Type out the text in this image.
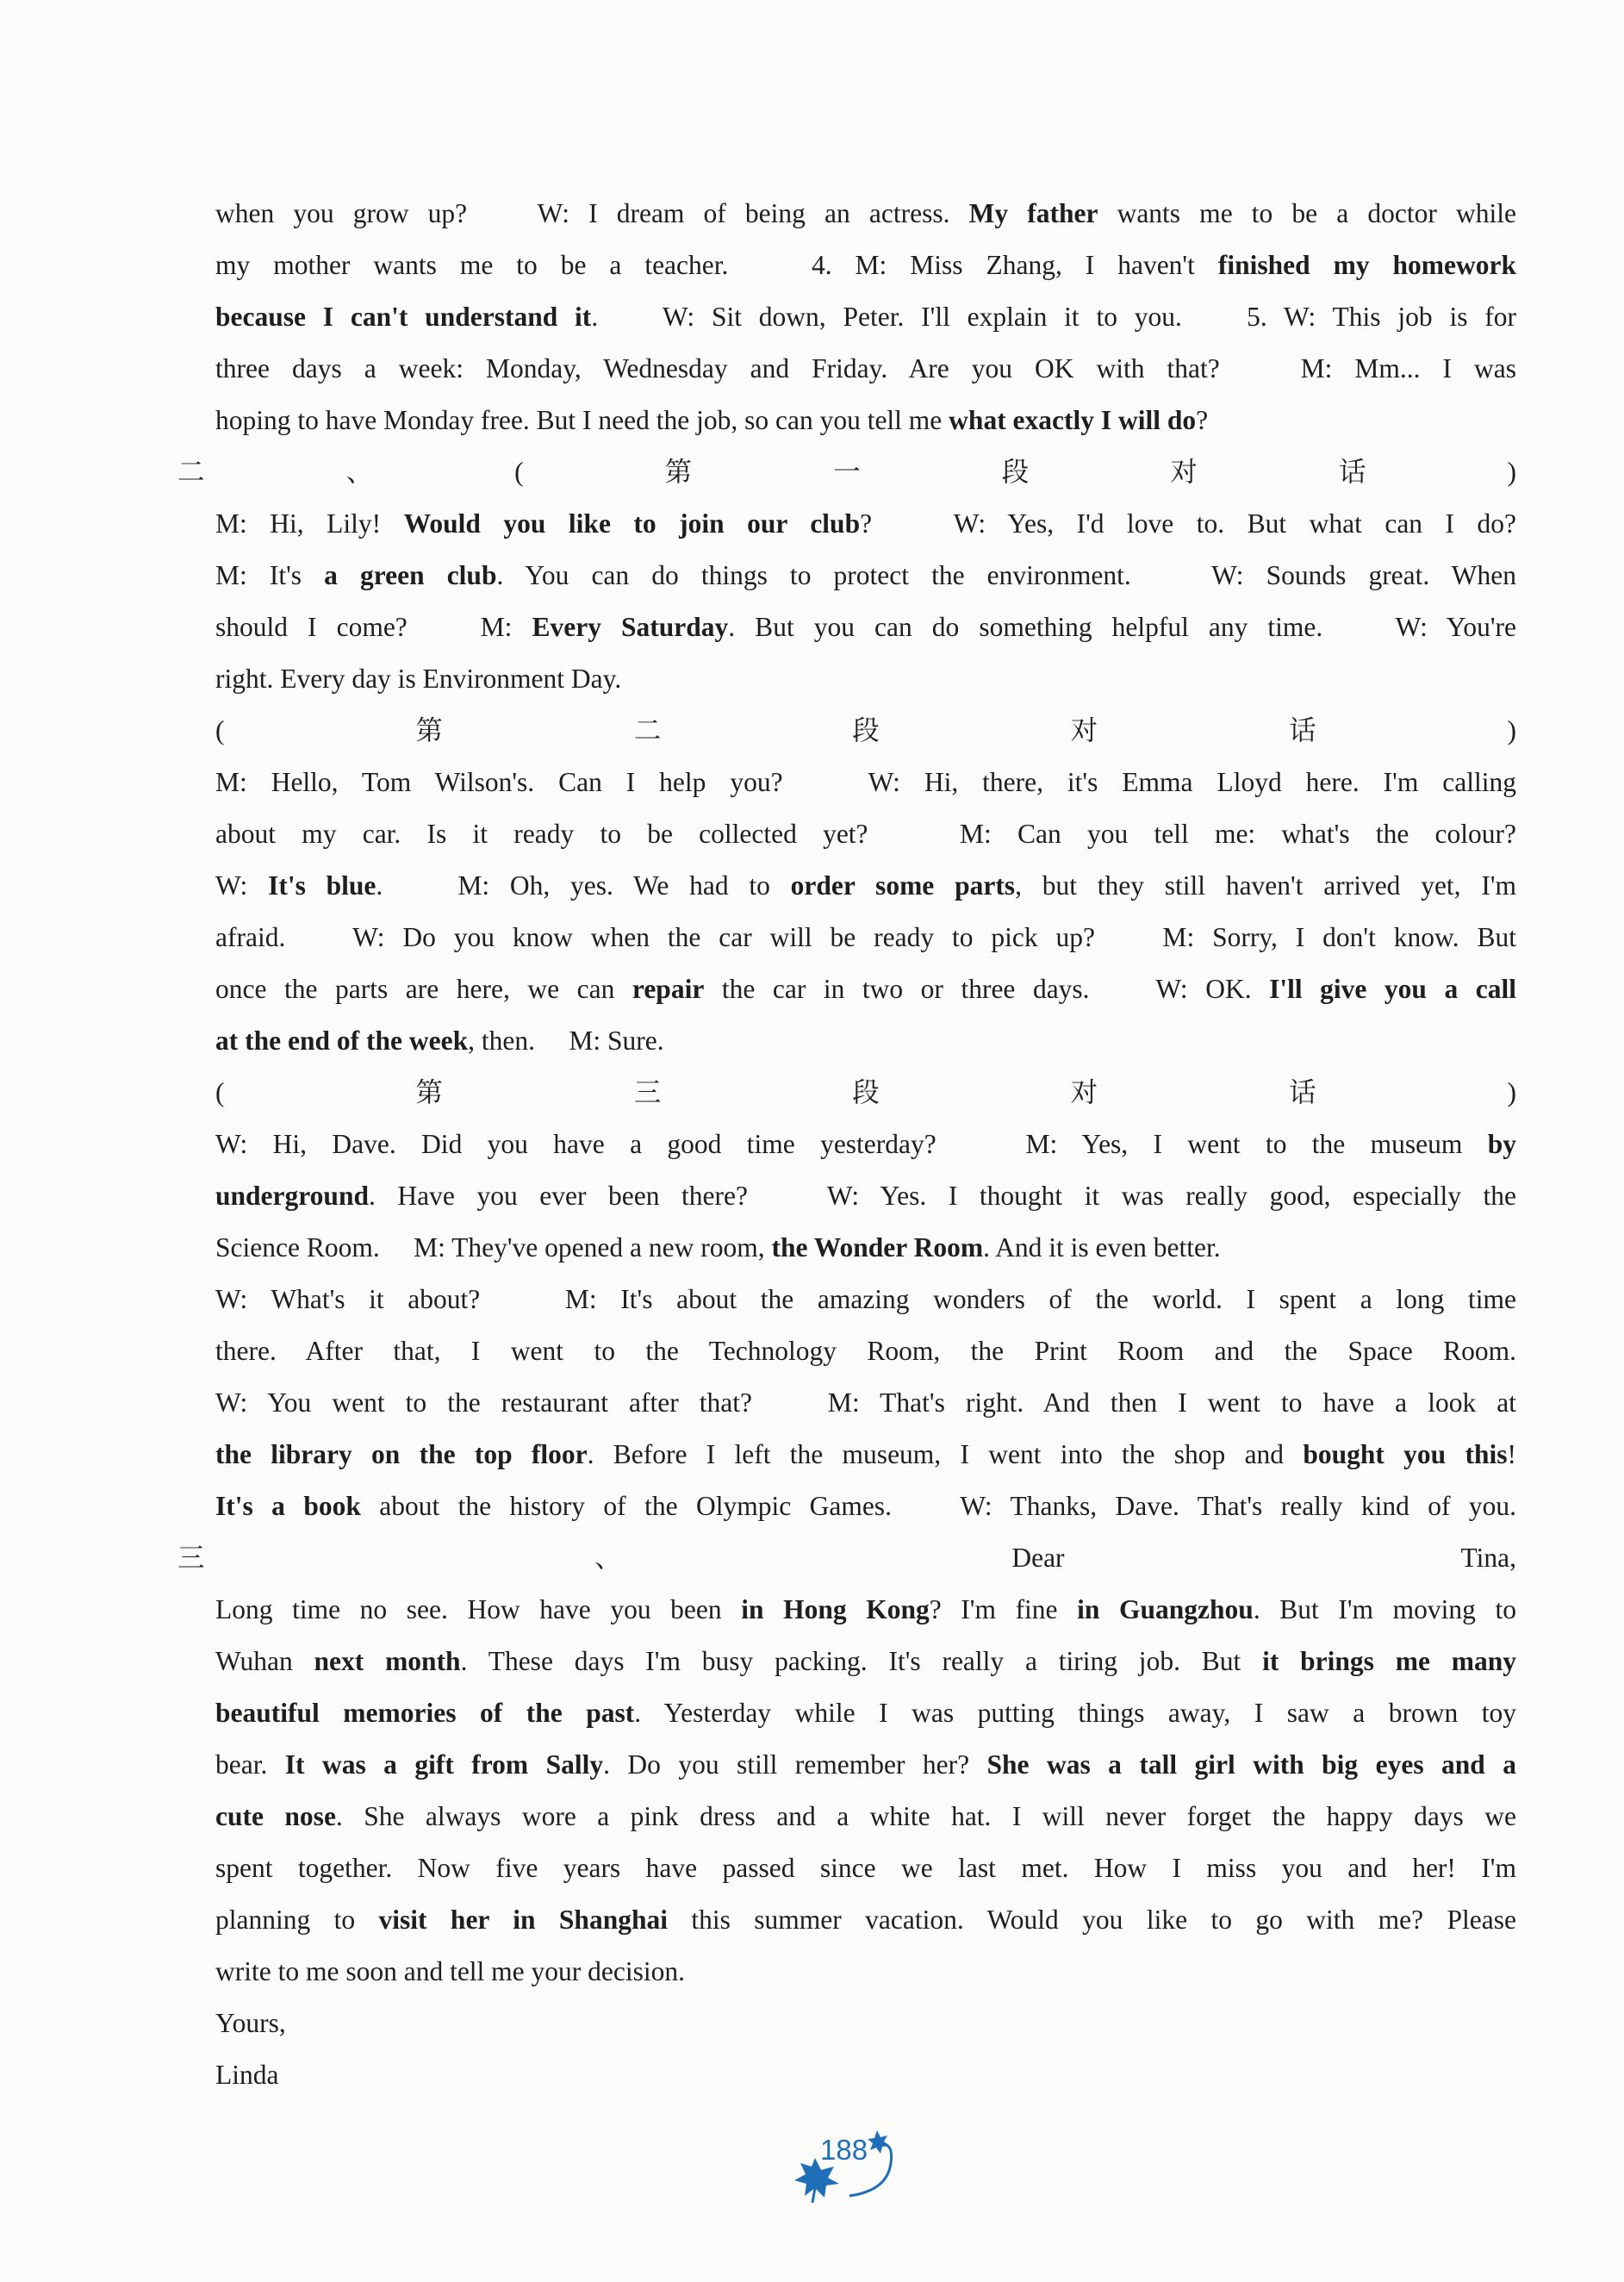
when you grow up?　 W: I dream of being an actress. My father wants me to be a doctor while
my mother wants me to be a teacher.　 4. M: Miss Zhang, I haven't finished my homework
because I can't understand it.　 W: Sit down, Peter. I'll explain it to you.　 5. W: This job is for
three days a week: Monday, Wednesday and Friday. Are you OK with that?　 M: Mm... I was
hoping to have Monday free. But I need the job, so can you tell me what exactly I will do?
二、(第一段对话)
M: Hi, Lily! Would you like to join our club?　 W: Yes, I'd love to. But what can I do?
M: It's a green club. You can do things to protect the environment.　 W: Sounds great. When
should I come?　 M: Every Saturday. But you can do something helpful any time.　 W: You're
right. Every day is Environment Day.
(第二段对话)
M: Hello, Tom Wilson's. Can I help you?　 W: Hi, there, it's Emma Lloyd here. I'm calling
about my car. Is it ready to be collected yet?　 M: Can you tell me: what's the colour?
W: It's blue.　 M: Oh, yes. We had to order some parts, but they still haven't arrived yet, I'm
afraid.　 W: Do you know when the car will be ready to pick up?　 M: Sorry, I don't know. But
once the parts are here, we can repair the car in two or three days.　 W: OK. I'll give you a call
at the end of the week, then.　 M: Sure.
(第三段对话)
W: Hi, Dave. Did you have a good time yesterday?　 M: Yes, I went to the museum by
underground. Have you ever been there?　 W: Yes. I thought it was really good, especially the
Science Room.　 M: They've opened a new room, the Wonder Room. And it is even better.
W: What's it about?　 M: It's about the amazing wonders of the world. I spent a long time
there. After that, I went to the Technology Room, the Print Room and the Space Room.
W: You went to the restaurant after that?　 M: That's right. And then I went to have a look at
the library on the top floor. Before I left the museum, I went into the shop and bought you this!
It's a book about the history of the Olympic Games.　 W: Thanks, Dave. That's really kind of you.
三、Dear Tina,
Long time no see. How have you been in Hong Kong? I'm fine in Guangzhou. But I'm moving to
Wuhan next month. These days I'm busy packing. It's really a tiring job. But it brings me many
beautiful memories of the past. Yesterday while I was putting things away, I saw a brown toy
bear. It was a gift from Sally. Do you still remember her? She was a tall girl with big eyes and a
cute nose. She always wore a pink dress and a white hat. I will never forget the happy days we
spent together. Now five years have passed since we last met. How I miss you and her! I'm
planning to visit her in Shanghai this summer vacation. Would you like to go with me? Please
write to me soon and tell me your decision.
Yours,
Linda
188
